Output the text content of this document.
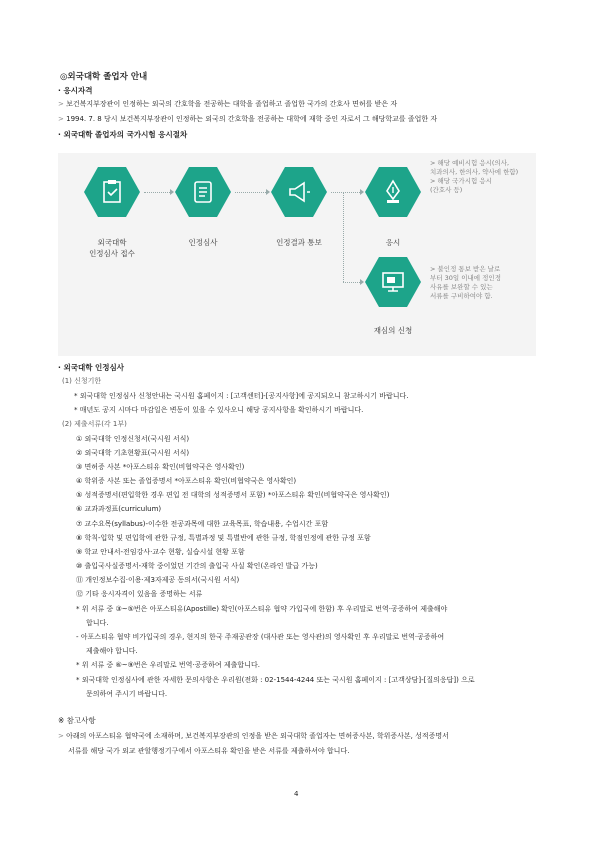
◎외국대학 졸업자 안내
· 응시자격
> 보건복지부장관이 인정하는 외국의 간호학을 전공하는 대학을 졸업하고 졸업한 국가의 간호사 면허를 받은 자
> 1994. 7. 8 당시 보건복지부장관이 인정하는 외국의 간호학을 전공하는 대학에 재학 중인 자로서 그 해당학교를 졸업한 자
· 외국대학 졸업자의 국가시험 응시절차
외국대학
인정심사 접수
인정심사	인정결과 통보	응시
재심의 신청
> 해당 예비시험 응시(의사,
치과의사, 한의사, 약사에 한함)
> 해당 국가시험 응시
(간호사 등)
> 불인정 통보 받은 날로
부터 30일 이내에 정인정
사유를 보완할 수 있는
서류를 구비하여야 함.
· 외국대학 인정심사
(1) 신청기한
* 외국대학 인정심사 신청안내는 국시원 홈페이지 : [고객센터]-[공지사항]에 공지되오니 참고하시기 바랍니다.
* 매년도 공지 시마다 마감일은 변동이 있을 수 있사오니 해당 공지사항을 확인하시기 바랍니다.
(2) 제출서류(각 1부)
① 외국대학 인정신청서(국시원 서식)
② 외국대학 기초현황표(국시원 서식)
③ 면허증 사본 *아포스티유 확인(비협약국은 영사확인)
④ 학위증 사본 또는 졸업증명서 *아포스티유 확인(비협약국은 영사확인)
⑤ 성적증명서(편입학한 경우 편입 전 대학의 성적증명서 포함) *아포스티유 확인(비협약국은 영사확인)
⑥ 교과과정표(curriculum)
⑦ 교수요목(syllabus)-이수한 전공과목에 대한 교육목표, 학습내용, 수업시간 포함
⑧ 학칙-입학 및 편입학에 관한 규정, 특별과정 및 특별반에 관한 규정, 학점인정에 관한 규정 포함
⑨ 학교 안내서-전임강사·교수 현황, 실습시설 현황 포함
⑩ 출입국사실증명서-재학 중이었던 기간의 출입국 사실 확인(온라인 발급 가능)
⑪ 개인정보수집·이용·제3자제공 동의서(국시원 서식)
⑫ 기타 응시자격이 있음을 증명하는 서류
* 위 서류 중 ③~⑤번은 아포스티유(Apostille) 확인(아포스티유 협약 가입국에 한함) 후 우리말로 번역·공증하여 제출해야
합니다.
- 아포스티유 협약 비가입국의 경우, 현지의 한국 주재공관장 (대사관 또는 영사관)의 영사확인 후 우리말로 번역·공증하여
제출해야 합니다.
* 위 서류 중 ⑥~⑨번은 우리말로 번역·공증하여 제출합니다.
* 외국대학 인정심사에 관한 자세한 문의사항은 우리원(전화 : 02-1544-4244 또는 국시원 홈페이지 : [고객상담]-[질의응답]) 으로
문의하여 주시기 바랍니다.
※ 참고사항
> 아래의 아포스티유 협약국에 소재하며, 보건복지부장관의 인정을 받은 외국대학 졸업자는 면허증사본, 학위증사본, 성적증명서
서류를 해당 국가 외교 관할행정기구에서 아포스티유 확인을 받은 서류를 제출하셔야 합니다.
4
